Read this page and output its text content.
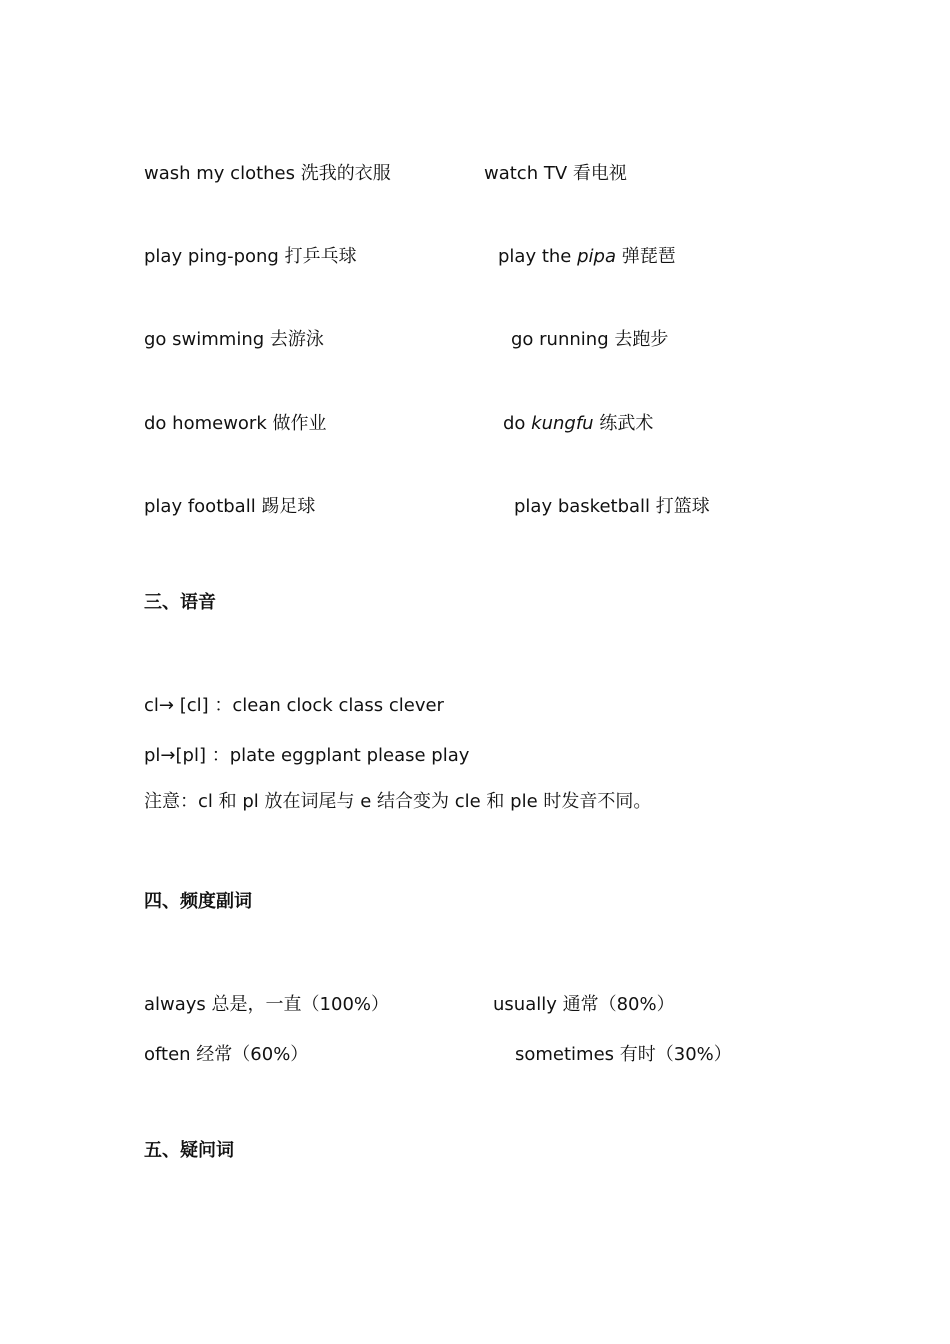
wash my clothes 洗我的衣服	watch TV 看电视
play ping-pong 打乒乓球	play the pipa 弹琵琶
go swimming 去游泳	go running 去跑步
do homework 做作业	do kungfu 练武术
play football 踢足球	play basketball 打篮球
三、语音
cl→ [cl] ：clean clock class clever
pl→[pl] ：plate eggplant please play
注意：cl 和 pl 放在词尾与 e 结合变为 cle 和 ple 时发音不同。
四、频度副词
always 总是，一直（100%）	usually 通常（80%）
often 经常（60%）	sometimes 有时（30%）
五、疑问词
